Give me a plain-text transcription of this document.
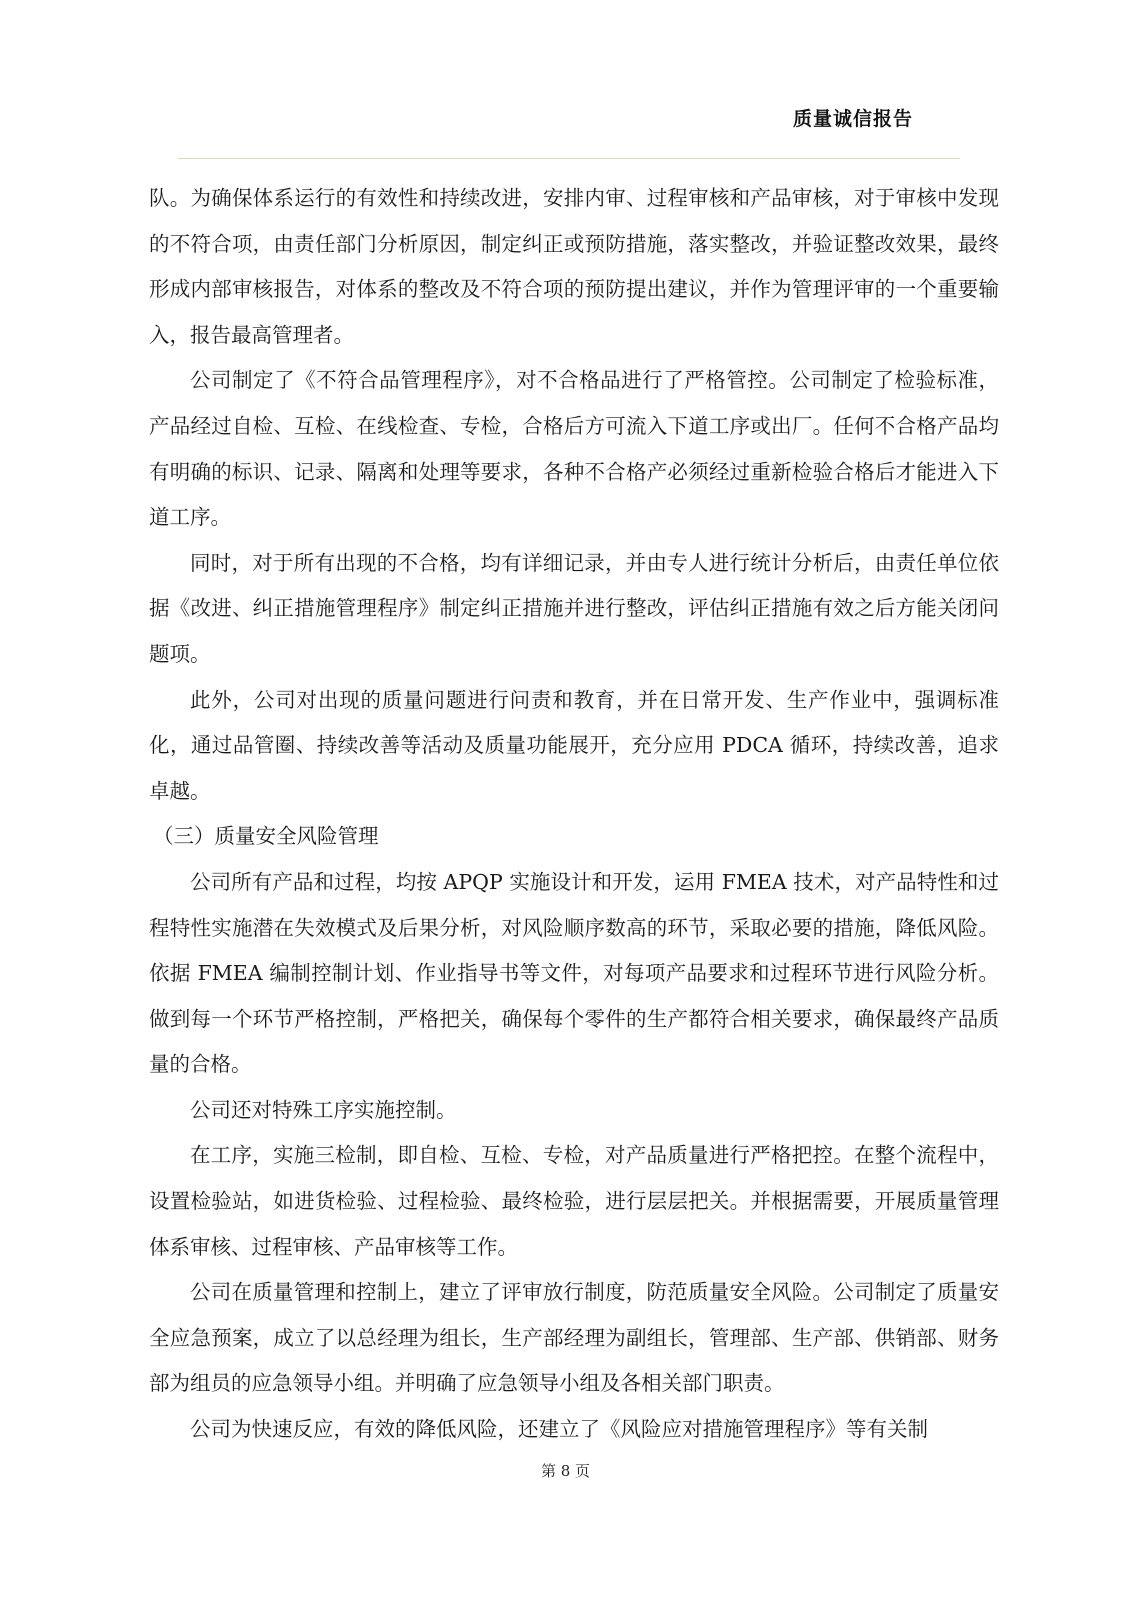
质量诚信报告

队。为确保体系运行的有效性和持续改进，安排内审、过程审核和产品审核，对于审核中发现的不符合项，由责任部门分析原因，制定纠正或预防措施，落实整改，并验证整改效果，最终形成内部审核报告，对体系的整改及不符合项的预防提出建议，并作为管理评审的一个重要输入，报告最高管理者。

公司制定了《不符合品管理程序》，对不合格品进行了严格管控。公司制定了检验标准，产品经过自检、互检、在线检查、专检，合格后方可流入下道工序或出厂。任何不合格产品均有明确的标识、记录、隔离和处理等要求，各种不合格产必须经过重新检验合格后才能进入下道工序。

同时，对于所有出现的不合格，均有详细记录，并由专人进行统计分析后，由责任单位依据《改进、纠正措施管理程序》制定纠正措施并进行整改，评估纠正措施有效之后方能关闭问题项。

此外，公司对出现的质量问题进行问责和教育，并在日常开发、生产作业中，强调标准化，通过品管圈、持续改善等活动及质量功能展开，充分应用 PDCA 循环，持续改善，追求卓越。

（三）质量安全风险管理

公司所有产品和过程，均按 APQP 实施设计和开发，运用 FMEA 技术，对产品特性和过程特性实施潜在失效模式及后果分析，对风险顺序数高的环节，采取必要的措施，降低风险。依据 FMEA 编制控制计划、作业指导书等文件，对每项产品要求和过程环节进行风险分析。做到每一个环节严格控制，严格把关，确保每个零件的生产都符合相关要求，确保最终产品质量的合格。

公司还对特殊工序实施控制。

在工序，实施三检制，即自检、互检、专检，对产品质量进行严格把控。在整个流程中，设置检验站，如进货检验、过程检验、最终检验，进行层层把关。并根据需要，开展质量管理体系审核、过程审核、产品审核等工作。

公司在质量管理和控制上，建立了评审放行制度，防范质量安全风险。公司制定了质量安全应急预案，成立了以总经理为组长，生产部经理为副组长，管理部、生产部、供销部、财务部为组员的应急领导小组。并明确了应急领导小组及各相关部门职责。

公司为快速反应，有效的降低风险，还建立了《风险应对措施管理程序》等有关制

第 8 页
